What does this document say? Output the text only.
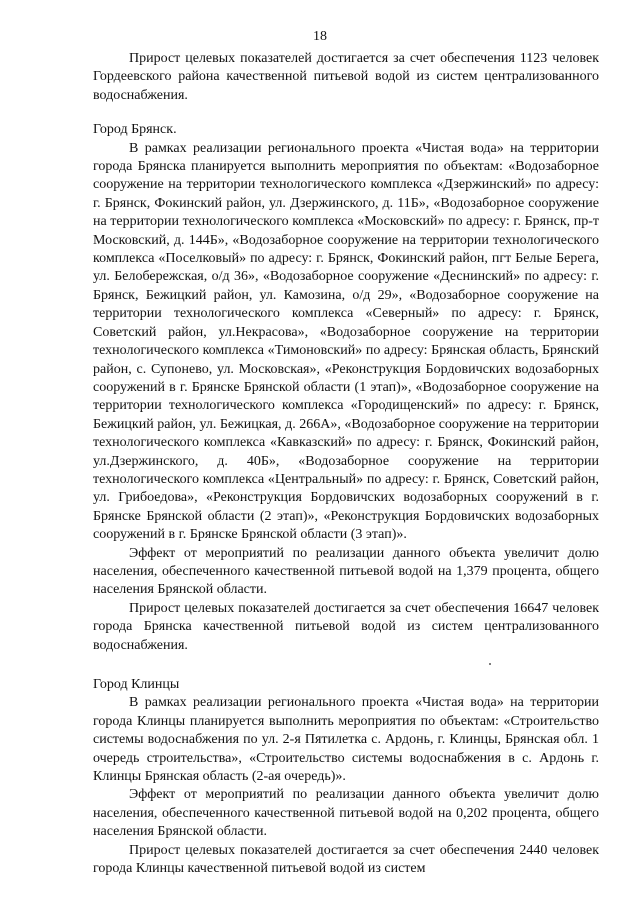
18

Прирост целевых показателей достигается за счет обеспечения 1123 человек Гордеевского района качественной питьевой водой из систем централизованного водоснабжения.

Город Брянск.

В рамках реализации регионального проекта «Чистая вода» на территории города Брянска планируется выполнить мероприятия по объектам: «Водозаборное сооружение на территории технологического комплекса «Дзержинский» по адресу: г. Брянск, Фокинский район, ул. Дзержинского, д. 11Б», «Водозаборное сооружение на территории технологического комплекса «Московский» по адресу: г. Брянск, пр-т Московский, д. 144Б», «Водозаборное сооружение на территории технологического комплекса «Поселковый» по адресу: г. Брянск, Фокинский район, пгт Белые Берега, ул. Белобережская, о/д 36», «Водозаборное сооружение «Деснинский» по адресу: г. Брянск, Бежицкий район, ул. Камозина, о/д 29», «Водозаборное сооружение на территории технологического комплекса «Северный» по адресу: г. Брянск, Советский район, ул.Некрасова», «Водозаборное сооружение на территории технологического комплекса «Тимоновский» по адресу: Брянская область, Брянский район, с. Супонево, ул. Московская», «Реконструкция Бордовичских водозаборных сооружений в г. Брянске Брянской области (1 этап)», «Водозаборное сооружение на территории технологического комплекса «Городищенский» по адресу: г. Брянск, Бежицкий район, ул. Бежицкая, д. 266А», «Водозаборное сооружение на территории технологического комплекса «Кавказский» по адресу: г. Брянск, Фокинский район, ул.Дзержинского, д. 40Б», «Водозаборное сооружение на территории технологического комплекса «Центральный» по адресу: г. Брянск, Советский район, ул. Грибоедова», «Реконструкция Бордовичских водозаборных сооружений в г. Брянске Брянской области (2 этап)», «Реконструкция Бордовичских водозаборных сооружений в г. Брянске Брянской области (3 этап)».

Эффект от мероприятий по реализации данного объекта увеличит долю населения, обеспеченного качественной питьевой водой на 1,379 процента, общего населения Брянской области.

Прирост целевых показателей достигается за счет обеспечения 16647 человек города Брянска качественной питьевой водой из систем централизованного водоснабжения.

Город Клинцы

В рамках реализации регионального проекта «Чистая вода» на территории города Клинцы планируется выполнить мероприятия по объектам: «Строительство системы водоснабжения по ул. 2-я Пятилетка с. Ардонь, г. Клинцы, Брянская обл. 1 очередь строительства», «Строительство системы водоснабжения в с. Ардонь г. Клинцы Брянская область (2-ая очередь)».

Эффект от мероприятий по реализации данного объекта увеличит долю населения, обеспеченного качественной питьевой водой на 0,202 процента, общего населения Брянской области.

Прирост целевых показателей достигается за счет обеспечения 2440 человек города Клинцы качественной питьевой водой из систем
